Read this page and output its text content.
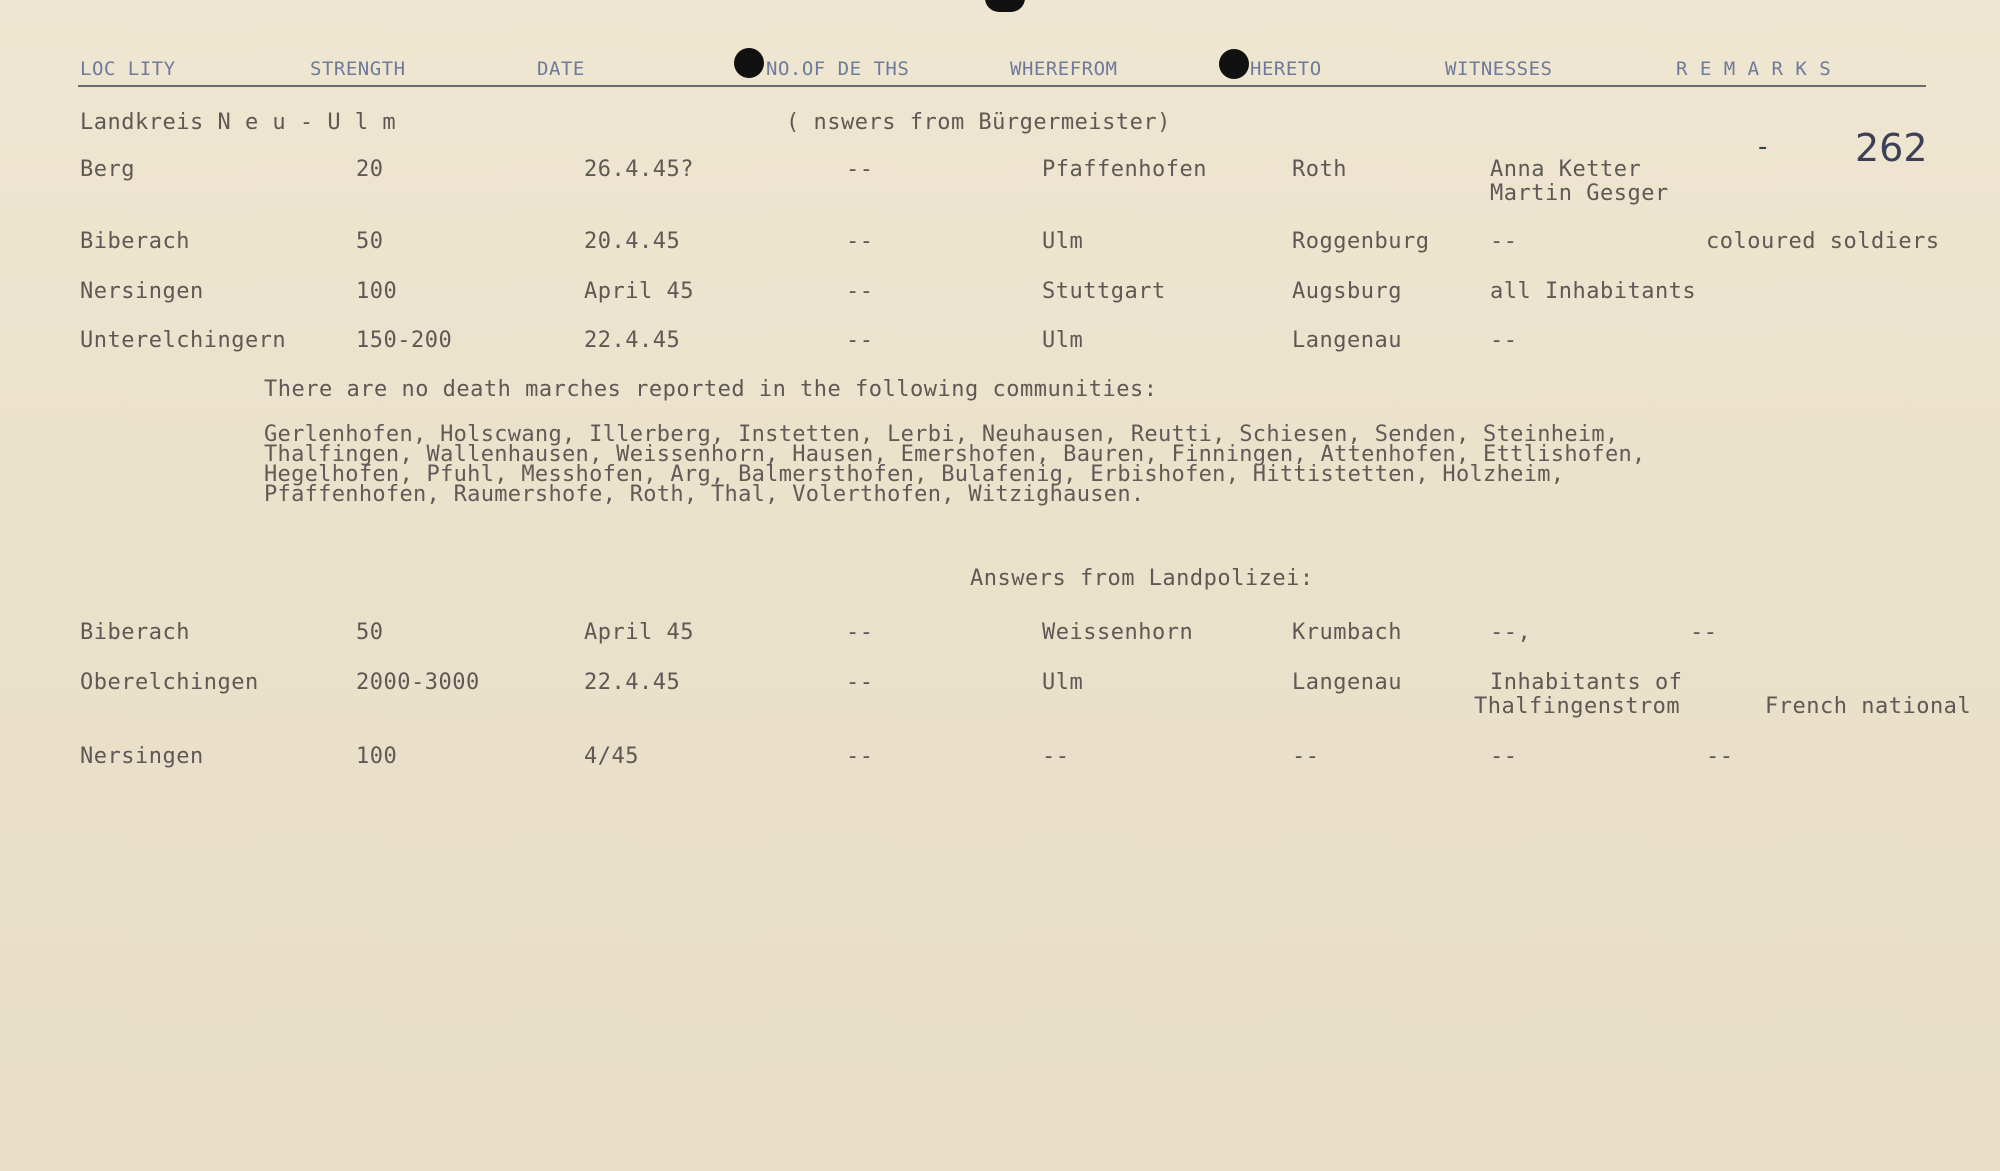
LOC LITY	STRENGTH	DATE	NO.OF DE THS	WHEREFROM	HERETO	WITNESSES	R E M A R K S
- 262
Landkreis N e u - U l m	( nswers from Bürgermeister)
Berg	20	26.4.45?	--	Pfaffenhofen	Roth	Anna Ketter
Martin Gesger
Biberach	50	20.4.45	--	Ulm	Roggenburg	--	coloured soldiers
Nersingen	100	April 45	--	Stuttgart	Augsburg	all Inhabitants
Unterelchingern	150-200	22.4.45	--	Ulm	Langenau	--
There are no death marches reported in the following communities:
Gerlenhofen, Holscwang, Illerberg, Instetten, Lerbi, Neuhausen, Reutti, Schiesen, Senden, Steinheim,
Thalfingen, Wallenhausen, Weissenhorn, Hausen, Emershofen, Bauren, Finningen, Attenhofen, Ettlishofen,
Hegelhofen, Pfuhl, Messhofen, Arg, Balmersthofen, Bulafenig, Erbishofen, Hittistetten, Holzheim,
Pfaffenhofen, Raumershofe, Roth, Thal, Volerthofen, Witzighausen.
Answers from Landpolizei:
Biberach	50	April 45	--	Weissenhorn	Krumbach	--,	--
Oberelchingen	2000-3000	22.4.45	--	Ulm	Langenau	Inhabitants of
Thalfingenstrom	French national
Nersingen	100	4/45	--	--	--	--	--
